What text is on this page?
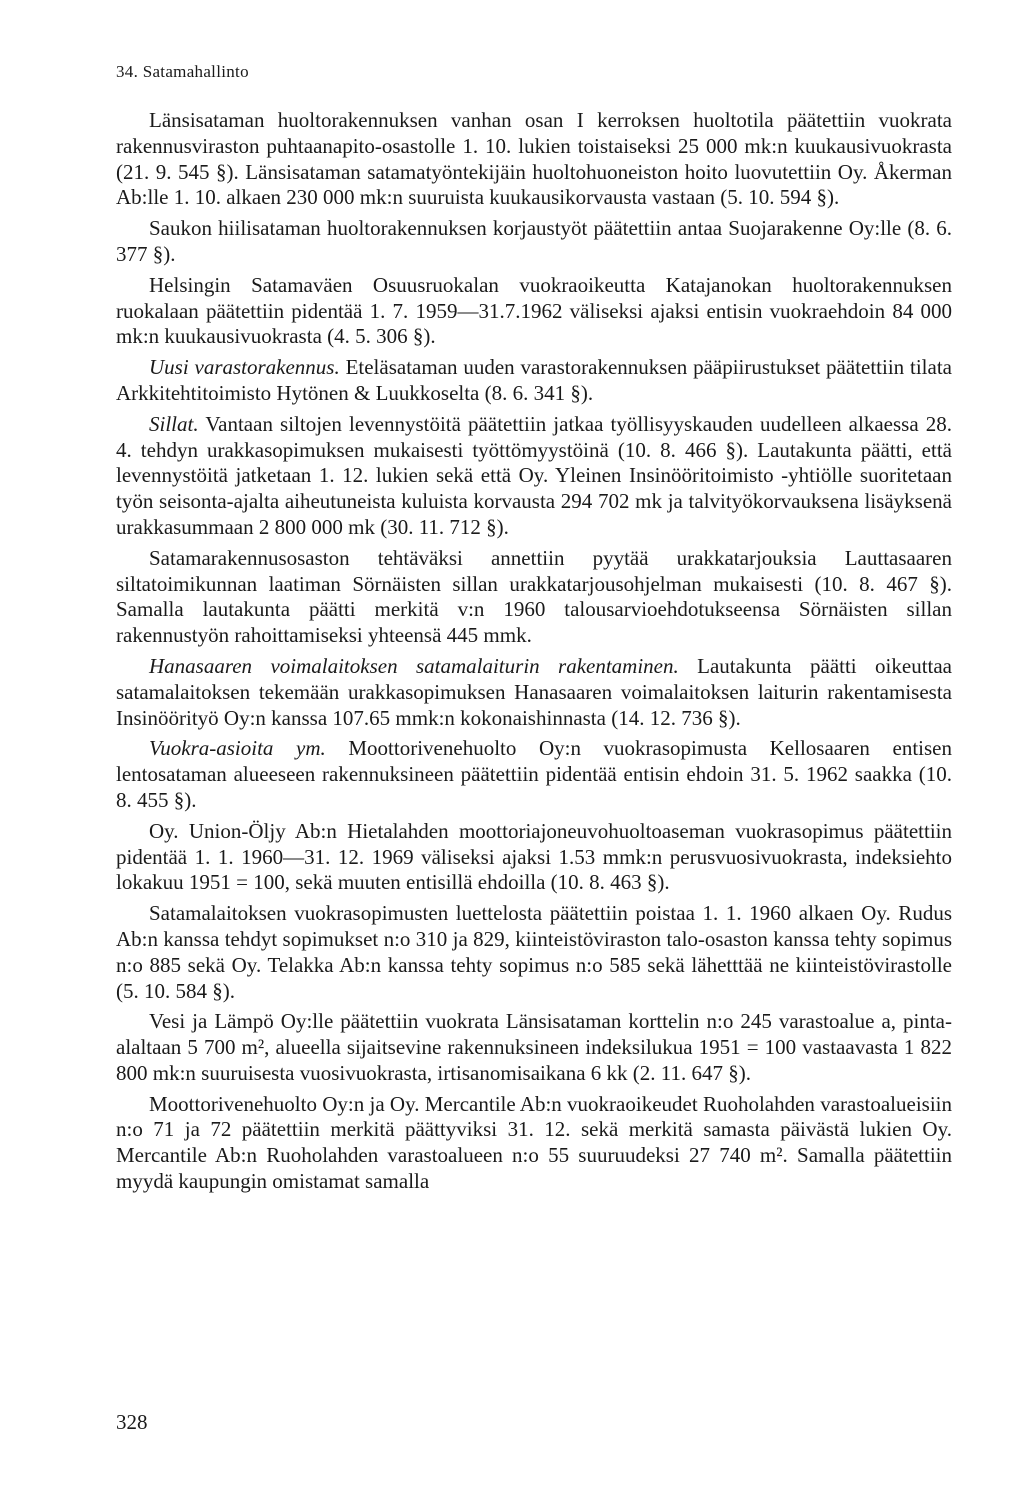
34. Satamahallinto

Länsisataman huoltorakennuksen vanhan osan I kerroksen huoltotila päätettiin vuokrata rakennusviraston puhtaanapito-osastolle 1. 10. lukien toistaiseksi 25 000 mk:n kuukausivuokrasta (21. 9. 545 §). Länsisataman satamatyöntekijäin huoltohuoneiston hoito luovutettiin Oy. Åkerman Ab:lle 1. 10. alkaen 230 000 mk:n suuruista kuukausikorvausta vastaan (5. 10. 594 §).

Saukon hiilisataman huoltorakennuksen korjaustyöt päätettiin antaa Suojarakenne Oy:lle (8. 6. 377 §).

Helsingin Satamaväen Osuusruokalan vuokraoikeutta Katajanokan huoltorakennuksen ruokalaan päätettiin pidentää 1. 7. 1959—31.7.1962 väliseksi ajaksi entisin vuokraehdoin 84 000 mk:n kuukausivuokrasta (4. 5. 306 §).

Uusi varastorakennus. Eteläsataman uuden varastorakennuksen pääpiirustukset päätettiin tilata Arkkitehtitoimisto Hytönen & Luukkoselta (8. 6. 341 §).

Sillat. Vantaan siltojen levennystöitä päätettiin jatkaa työllisyyskauden uudelleen alkaessa 28. 4. tehdyn urakkasopimuksen mukaisesti työttömyystöinä (10. 8. 466 §). Lautakunta päätti, että levennystöitä jatketaan 1. 12. lukien sekä että Oy. Yleinen Insinööritoimisto -yhtiölle suoritetaan työn seisonta-ajalta aiheutuneista kuluista korvausta 294 702 mk ja talvityökorvauksena lisäyksenä urakkasummaan 2 800 000 mk (30. 11. 712 §).

Satamarakennusosaston tehtäväksi annettiin pyytää urakkatarjouksia Lauttasaaren siltatoimikunnan laatiman Sörnäisten sillan urakkatarjousohjelman mukaisesti (10. 8. 467 §). Samalla lautakunta päätti merkitä v:n 1960 talousarvioehdotukseensa Sörnäisten sillan rakennustyön rahoittamiseksi yhteensä 445 mmk.

Hanasaaren voimalaitoksen satamalaiturin rakentaminen. Lautakunta päätti oikeuttaa satamalaitoksen tekemään urakkasopimuksen Hanasaaren voimalaitoksen laiturin rakentamisesta Insinöörityö Oy:n kanssa 107.65 mmk:n kokonaishinnasta (14. 12. 736 §).

Vuokra-asioita ym. Moottorivenehuolto Oy:n vuokrasopimusta Kellosaaren entisen lentosataman alueeseen rakennuksineen päätettiin pidentää entisin ehdoin 31. 5. 1962 saakka (10. 8. 455 §).

Oy. Union-Öljy Ab:n Hietalahden moottoriajoneuvohuoltoaseman vuokrasopimus päätettiin pidentää 1. 1. 1960—31. 12. 1969 väliseksi ajaksi 1.53 mmk:n perusvuosivuokrasta, indeksiehto lokakuu 1951 = 100, sekä muuten entisillä ehdoilla (10. 8. 463 §).

Satamalaitoksen vuokrasopimusten luettelosta päätettiin poistaa 1. 1. 1960 alkaen Oy. Rudus Ab:n kanssa tehdyt sopimukset n:o 310 ja 829, kiinteistöviraston talo-osaston kanssa tehty sopimus n:o 885 sekä Oy. Telakka Ab:n kanssa tehty sopimus n:o 585 sekä lähetttää ne kiinteistövirastolle (5. 10. 584 §).

Vesi ja Lämpö Oy:lle päätettiin vuokrata Länsisataman korttelin n:o 245 varastoalue a, pinta-alaltaan 5 700 m², alueella sijaitsevine rakennuksineen indeksilukua 1951 = 100 vastaavasta 1 822 800 mk:n suuruisesta vuosivuokrasta, irtisanomisaikana 6 kk (2. 11. 647 §).

Moottorivenehuolto Oy:n ja Oy. Mercantile Ab:n vuokraoikeudet Ruoholahden varastoalueisiin n:o 71 ja 72 päätettiin merkitä päättyviksi 31. 12. sekä merkitä samasta päivästä lukien Oy. Mercantile Ab:n Ruoholahden varastoalueen n:o 55 suuruudeksi 27 740 m². Samalla päätettiin myydä kaupungin omistamat samalla

328
